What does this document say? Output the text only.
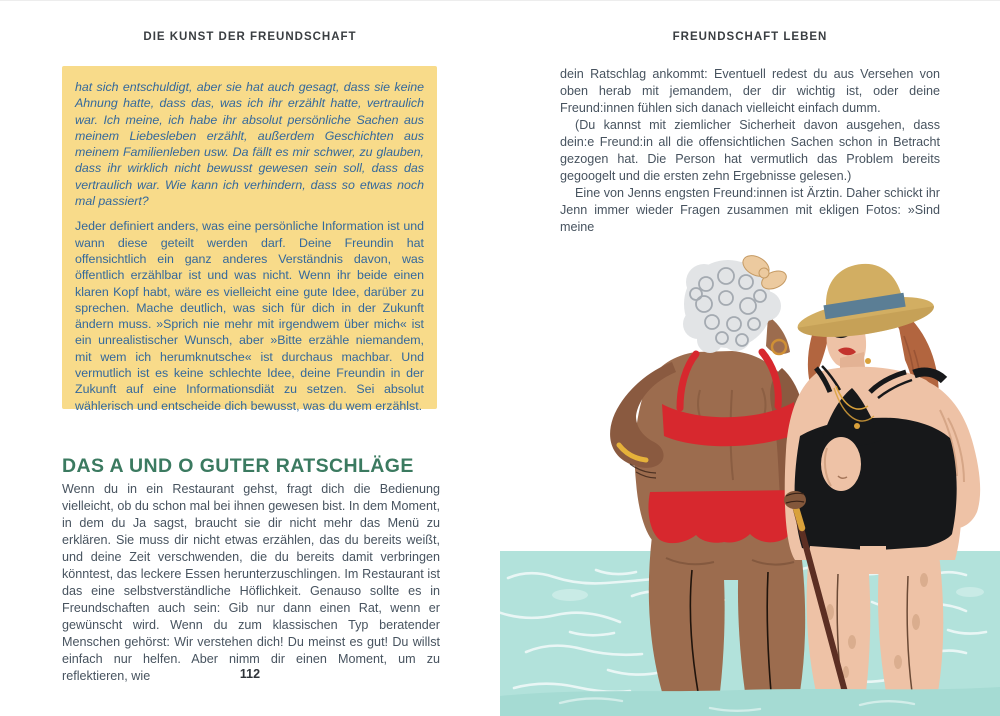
DIE KUNST DER FREUNDSCHAFT

hat sich entschuldigt, aber sie hat auch gesagt, dass sie keine Ahnung hatte, dass das, was ich ihr erzählt hatte, vertraulich war. Ich meine, ich habe ihr absolut persönliche Sachen aus meinem Liebesleben erzählt, außerdem Geschichten aus meinem Familienleben usw. Da fällt es mir schwer, zu glauben, dass ihr wirklich nicht bewusst gewesen sein soll, dass das vertraulich war. Wie kann ich verhindern, dass so etwas noch mal passiert?

Jeder definiert anders, was eine persönliche Information ist und wann diese geteilt werden darf. Deine Freundin hat offensichtlich ein ganz anderes Verständnis davon, was öffentlich erzählbar ist und was nicht. Wenn ihr beide einen klaren Kopf habt, wäre es vielleicht eine gute Idee, darüber zu sprechen. Mache deutlich, was sich für dich in der Zukunft ändern muss. »Sprich nie mehr mit irgendwem über mich« ist ein unrealistischer Wunsch, aber »Bitte erzähle niemandem, mit wem ich herumknutsche« ist durchaus machbar. Und vermutlich ist es keine schlechte Idee, deine Freundin in der Zukunft auf eine Informationsdiät zu setzen. Sei absolut wählerisch und entscheide dich bewusst, was du wem erzählst.

DAS A UND O GUTER RATSCHLÄGE
Wenn du in ein Restaurant gehst, fragt dich die Bedienung vielleicht, ob du schon mal bei ihnen gewesen bist. In dem Moment, in dem du Ja sagst, braucht sie dir nicht mehr das Menü zu erklären. Sie muss dir nicht etwas erzählen, das du bereits weißt, und deine Zeit verschwenden, die du bereits damit verbringen könntest, das leckere Essen herunterzuschlingen. Im Restaurant ist das eine selbstverständliche Höflichkeit. Genauso sollte es in Freundschaften auch sein: Gib nur dann einen Rat, wenn er gewünscht wird. Wenn du zum klassischen Typ beratender Menschen gehörst: Wir verstehen dich! Du meinst es gut! Du willst einfach nur helfen. Aber nimm dir einen Moment, um zu reflektieren, wie	112
FREUNDSCHAFT LEBEN

dein Ratschlag ankommt: Eventuell redest du aus Versehen von oben herab mit jemandem, der dir wichtig ist, oder deine Freund:innen fühlen sich danach vielleicht einfach dumm.

(Du kannst mit ziemlicher Sicherheit davon ausgehen, dass dein:e Freund:in all die offensichtlichen Sachen schon in Betracht gezogen hat. Die Person hat vermutlich das Problem bereits gegoogelt und die ersten zehn Ergebnisse gelesen.)

Eine von Jenns engsten Freund:innen ist Ärztin. Daher schickt ihr Jenn immer wieder Fragen zusammen mit ekligen Fotos: »Sind meine
